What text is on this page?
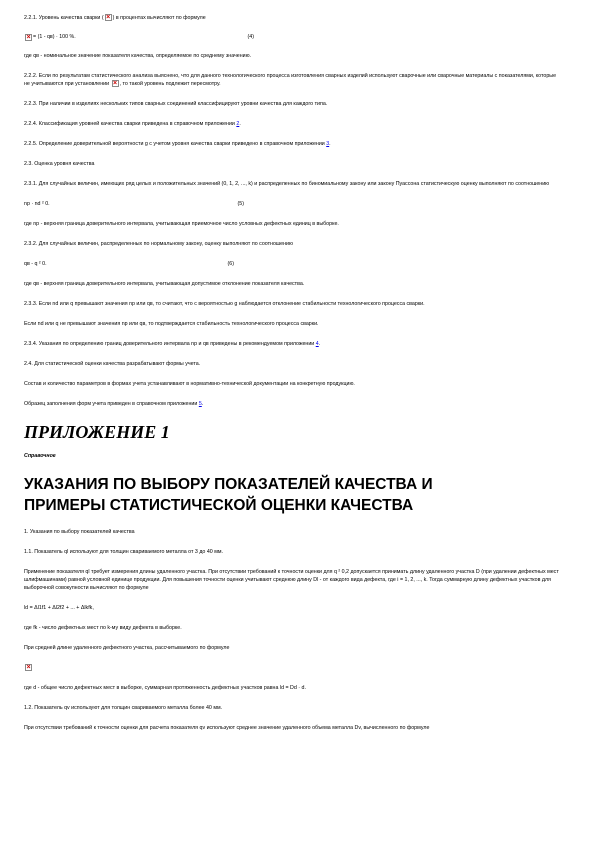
2.2.1. Уровень качества сварки ( × ) в процентах вычисляют по формуле

×
= (1 - qв) · 100 %.	(4)

где qв - номинальное значение показателя качества, определяемое по среднему значению.

2.2.2. Если по результатам статистического анализа выяснено, что для данного технологического процесса изготовления сварных изделий используют сварочные или сварочные материалы с показателями, которые не учитываются при установлении × , то такой уровень подлежит пересмотру.

2.2.3. При наличии в изделиях нескольких типов сварных соединений классифицируют уровни качества для каждого типа.

2.2.4. Классификация уровней качества сварки приведена в справочном приложении 2.

2.2.5. Определение доверительной вероятности g с учетом уровня качества сварки приведено в справочном приложении 3.

2.3. Оценка уровня качества

2.3.1. Для случайных величин, имеющих ряд целых и положительных значений (0, 1, 2, ..., k) и распределенных по биномиальному закону или закону Пуассона статистическую оценку выполняют по соотношению

np · nd ² 0.	(5)

где np - верхняя граница доверительного интервала, учитывающая приемочное число условных дефектных единиц в выборке.

2.3.2. Для случайных величин, распределенных по нормальному закону, оценку выполняют по соотношению

qв - q ² 0.	(6)

где qв - верхняя граница доверительного интервала, учитывающая допустимое отклонение показателя качества.

2.3.3. Если nd или q превышают значения np или qв, то считают, что с вероятностью g наблюдается отклонение стабильности технологического процесса сварки.

Если nd или q не превышают значения np или qв, то подтверждается стабильность технологического процесса сварки.

2.3.4. Указания по определению границ доверительного интервала np и qв приведены в рекомендуемом приложении 4.

2.4. Для статистической оценки качества разрабатывают формы учета.

Состав и количество параметров в формах учета устанавливают в нормативно-технической документации на конкретную продукцию.

Образец заполнения форм учета приведен в справочном приложении 5.

ПРИЛОЖЕНИЕ 1

Справочное

УКАЗАНИЯ ПО ВЫБОРУ ПОКАЗАТЕЛЕЙ КАЧЕСТВА И
ПРИМЕРЫ СТАТИСТИЧЕСКОЙ ОЦЕНКИ КАЧЕСТВА

1. Указания по выбору показателей качества

1.1. Показатель ql используют для толщин свариваемого металла от 3 до 40 мм.

Применение показателя ql требует измерения длины удаленного участка. При отсутствии требований к точности оценки для q ² 0,2 допускается принимать длину удаленного участка D (при удалении дефектных мест шлифмашинами) равной условной единице продукции. Для повышения точности оценки учитывают среднюю длину Dl - от каждого вида дефекта, где i = 1, 2, ..., k. Тогда суммарную длину дефектных участков для выборочной совокупности вычисляют по формуле

ld = Δl1f1 + Δl2f2 + ... + Δlkfk,

где fk - число дефектных мест по k-му виду дефекта в выборке.

При средней длине удаленного дефектного участка, рассчитываемого по формуле

×

где d - общее число дефектных мест в выборке, суммарная протяженность дефектных участков равна ld = Dd · d.

1.2. Показатель qv используют для толщин свариваемого металла более 40 мм.

При отсутствии требований к точности оценки для расчета показателя qv используют среднее значение удаленного объема металла Dv, вычисленного по формуле
